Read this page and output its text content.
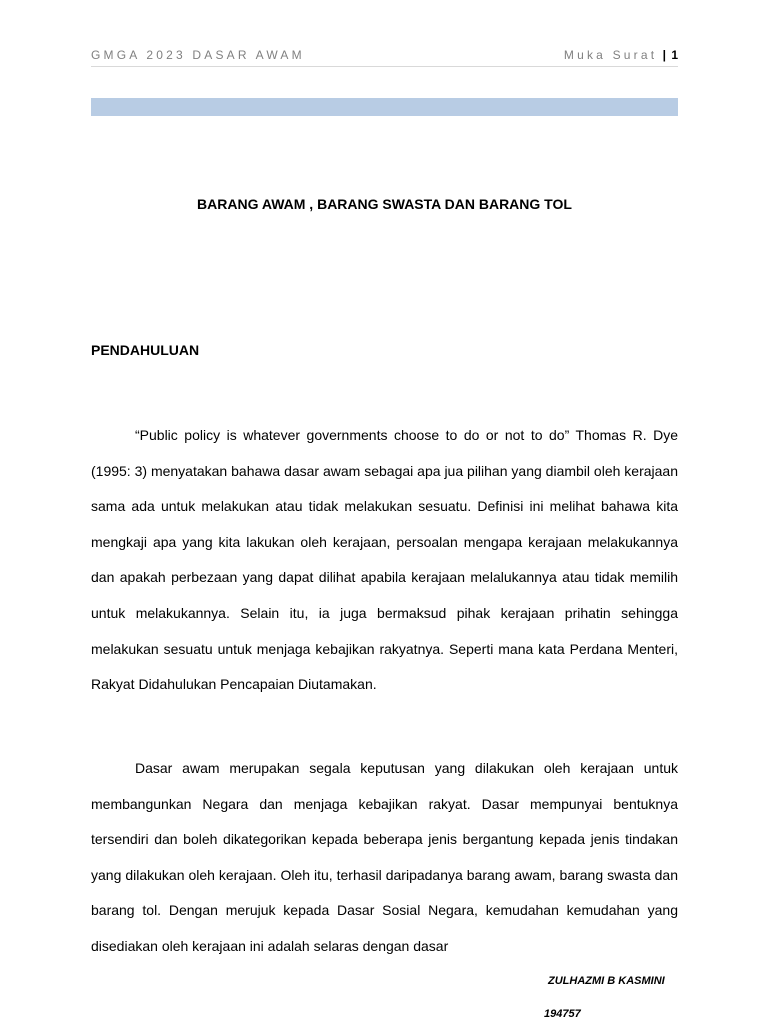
GMGA 2023 DASAR AWAM	Muka Surat | 1
BARANG AWAM , BARANG SWASTA DAN BARANG TOL
PENDAHULUAN

“Public policy is whatever governments choose to do or not to do” Thomas R. Dye (1995: 3) menyatakan bahawa dasar awam sebagai apa jua pilihan yang diambil oleh kerajaan sama ada untuk melakukan atau tidak melakukan sesuatu. Definisi ini melihat bahawa kita mengkaji apa yang kita lakukan oleh kerajaan, persoalan mengapa kerajaan melakukannya dan apakah perbezaan yang dapat dilihat apabila kerajaan melalukannya atau tidak memilih untuk melakukannya. Selain itu, ia juga bermaksud pihak kerajaan prihatin sehingga melakukan sesuatu untuk menjaga kebajikan rakyatnya. Seperti mana kata Perdana Menteri, Rakyat Didahulukan Pencapaian Diutamakan.

Dasar awam merupakan segala keputusan yang dilakukan oleh kerajaan untuk membangunkan Negara dan menjaga kebajikan rakyat. Dasar mempunyai bentuknya tersendiri dan boleh dikategorikan kepada beberapa jenis bergantung kepada jenis tindakan yang dilakukan oleh kerajaan. Oleh itu, terhasil daripadanya barang awam, barang swasta dan barang tol. Dengan merujuk kepada Dasar Sosial Negara, kemudahan kemudahan yang disediakan oleh kerajaan ini adalah selaras dengan dasar

ZULHAZMI B KASMINI
194757
